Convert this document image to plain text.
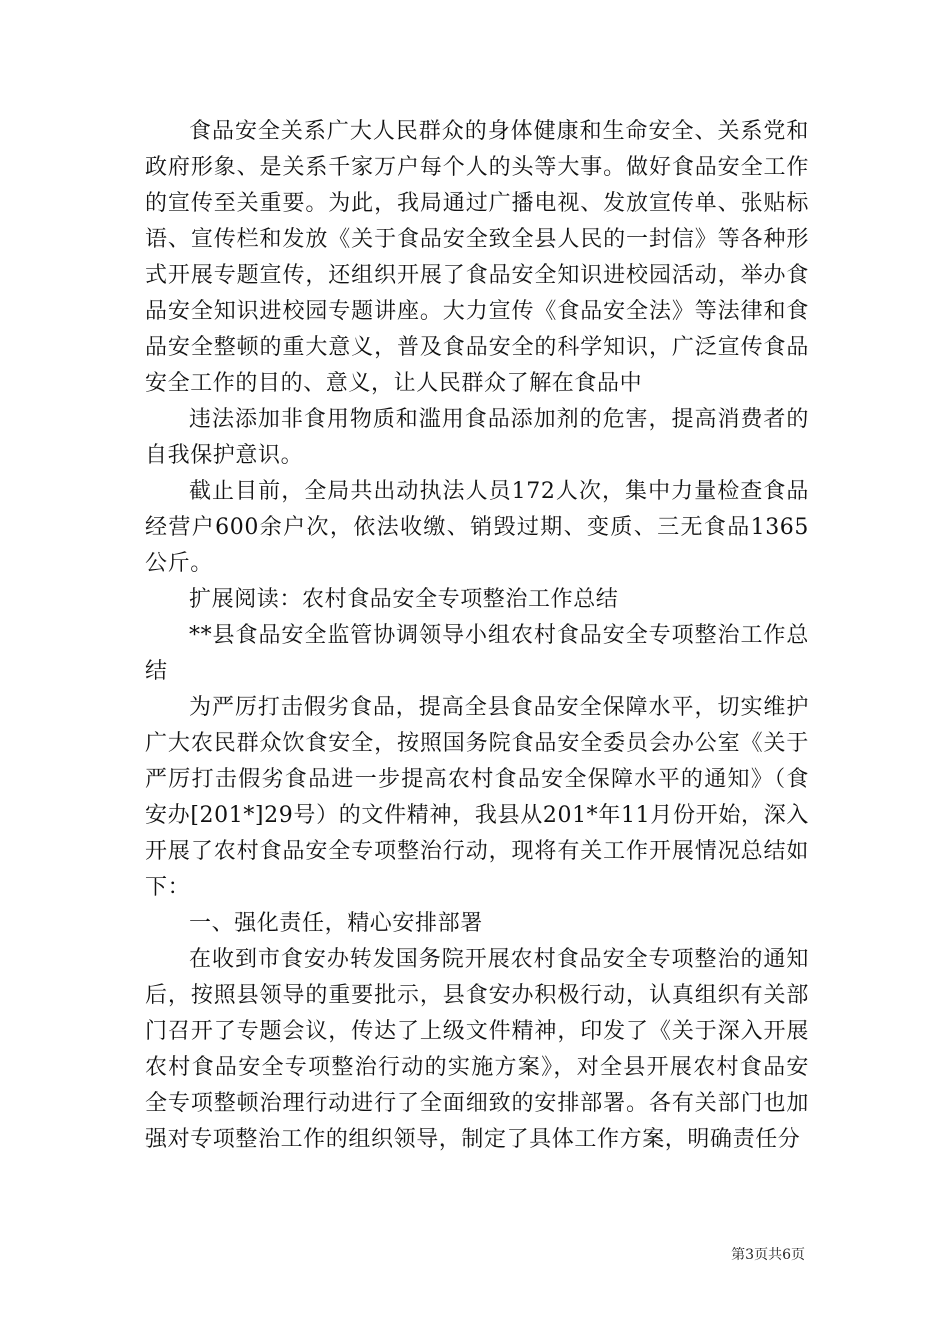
食品安全关系广大人民群众的身体健康和生命安全、关系党和政府形象、是关系千家万户每个人的头等大事。做好食品安全工作的宣传至关重要。为此，我局通过广播电视、发放宣传单、张贴标语、宣传栏和发放《关于食品安全致全县人民的一封信》等各种形式开展专题宣传，还组织开展了食品安全知识进校园活动，举办食品安全知识进校园专题讲座。大力宣传《食品安全法》等法律和食品安全整顿的重大意义，普及食品安全的科学知识，广泛宣传食品安全工作的目的、意义，让人民群众了解在食品中

违法添加非食用物质和滥用食品添加剂的危害，提高消费者的自我保护意识。

截止目前，全局共出动执法人员172人次，集中力量检查食品经营户600余户次，依法收缴、销毁过期、变质、三无食品1365公斤。

扩展阅读：农村食品安全专项整治工作总结

**县食品安全监管协调领导小组农村食品安全专项整治工作总结

为严厉打击假劣食品，提高全县食品安全保障水平，切实维护广大农民群众饮食安全，按照国务院食品安全委员会办公室《关于严厉打击假劣食品进一步提高农村食品安全保障水平的通知》（食安办[201*]29号）的文件精神，我县从201*年11月份开始，深入开展了农村食品安全专项整治行动，现将有关工作开展情况总结如下：

一、强化责任，精心安排部署

在收到市食安办转发国务院开展农村食品安全专项整治的通知后，按照县领导的重要批示，县食安办积极行动，认真组织有关部门召开了专题会议，传达了上级文件精神，印发了《关于深入开展农村食品安全专项整治行动的实施方案》，对全县开展农村食品安全专项整顿治理行动进行了全面细致的安排部署。各有关部门也加强对专项整治工作的组织领导，制定了具体工作方案，明确责任分

第3页共6页
